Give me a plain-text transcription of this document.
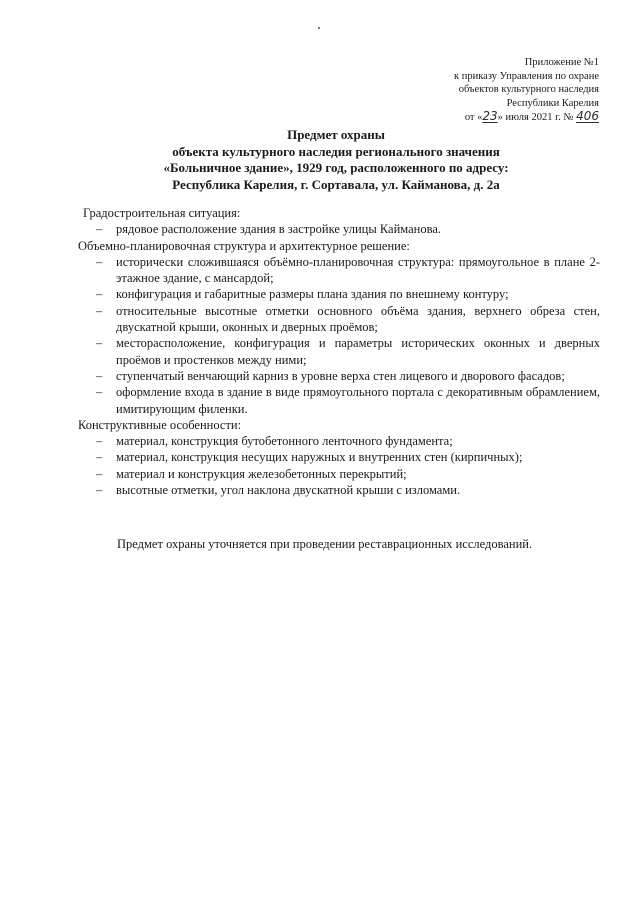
Приложение №1
к приказу Управления по охране
объектов культурного наследия
Республики Карелия
от «23» июля 2021 г. № 406
Предмет охраны
объекта культурного наследия регионального значения
«Больничное здание», 1929 год, расположенного по адресу:
Республика Карелия, г. Сортавала, ул. Кайманова, д. 2а
Градостроительная ситуация:
– рядовое расположение здания в застройке улицы Кайманова.
Объемно-планировочная структура и архитектурное решение:
– исторически сложившаяся объёмно-планировочная структура: прямоугольное в плане 2-этажное здание, с мансардой;
– конфигурация и габаритные размеры плана здания по внешнему контуру;
– относительные высотные отметки основного объёма здания, верхнего обреза стен, двускатной крыши, оконных и дверных проёмов;
– месторасположение, конфигурация и параметры исторических оконных и дверных проёмов и простенков между ними;
– ступенчатый венчающий карниз в уровне верха стен лицевого и дворового фасадов;
– оформление входа в здание в виде прямоугольного портала с декоративным обрамлением, имитирующим филенки.
Конструктивные особенности:
– материал, конструкция бутобетонного ленточного фундамента;
– материал, конструкция несущих наружных и внутренних стен (кирпичных);
– материал и конструкция железобетонных перекрытий;
– высотные отметки, угол наклона двускатной крыши с изломами.
Предмет охраны уточняется при проведении реставрационных исследований.
